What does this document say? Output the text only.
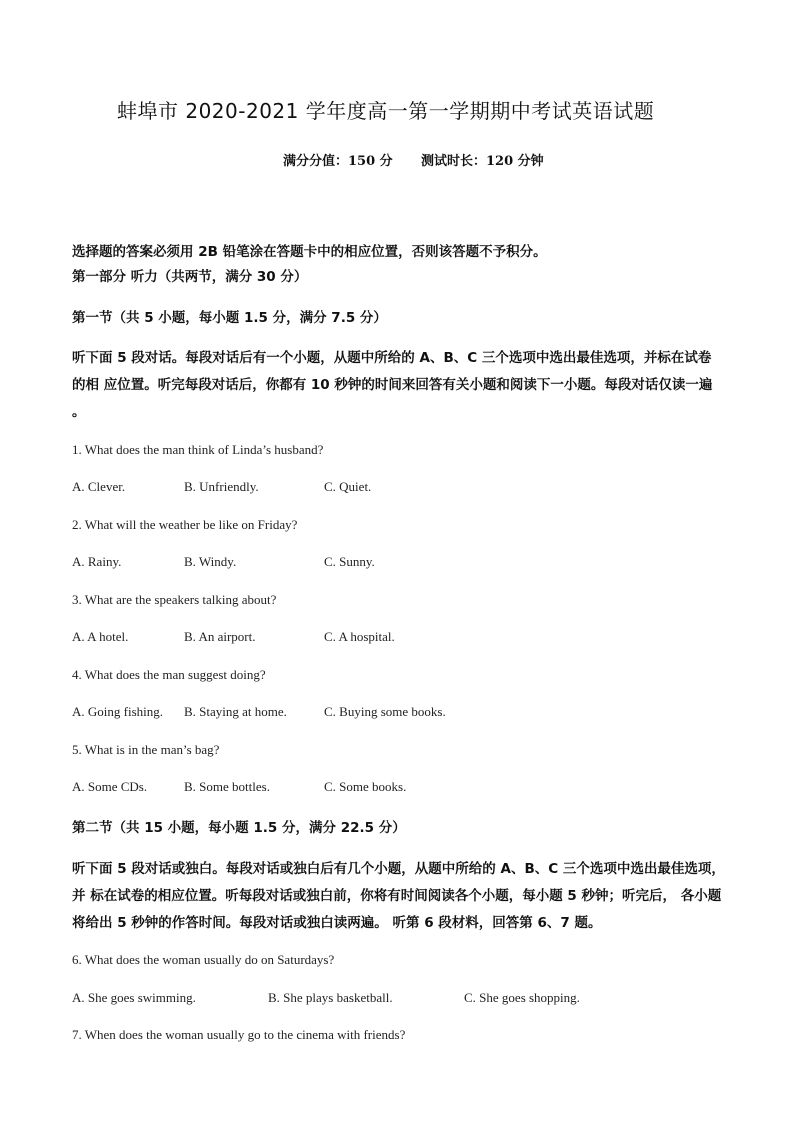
蚌埠市 2020-2021 学年度高一第一学期期中考试英语试题
满分分值：150 分 测试时长：120 分钟
选择题的答案必须用 2B 铅笔涂在答题卡中的相应位置，否则该答题不予积分。
第一部分 听力（共两节，满分 30 分）
第一节（共 5 小题，每小题 1.5 分，满分 7.5 分）
听下面 5 段对话。每段对话后有一个小题，从题中所给的 A、B、C 三个选项中选出最佳选项，并标在试卷
的相 应位置。听完每段对话后，你都有 10 秒钟的时间来回答有关小题和阅读下一小题。每段对话仅读一遍
。
1. What does the man think of Linda’s husband?
A. Clever.	B. Unfriendly.	C. Quiet.
2. What will the weather be like on Friday?
A. Rainy.	B. Windy.	C. Sunny.
3. What are the speakers talking about?
A. A hotel.	B. An airport.	C. A hospital.
4. What does the man suggest doing?
A. Going fishing. B. Staying at home.	C. Buying some books.
5. What is in the man’s bag?
A. Some CDs.	B. Some bottles.	C. Some books.
第二节（共 15 小题，每小题 1.5 分，满分 22.5 分）
听下面 5 段对话或独白。每段对话或独白后有几个小题，从题中所给的 A、B、C 三个选项中选出最佳选项，
并 标在试卷的相应位置。听每段对话或独白前，你将有时间阅读各个小题，每小题 5 秒钟；听完后， 各小题
将给出 5 秒钟的作答时间。每段对话或独白读两遍。 听第 6 段材料，回答第 6、7 题。
6. What does the woman usually do on Saturdays?
A. She goes swimming.	B. She plays basketball.	C. She goes shopping.
7. When does the woman usually go to the cinema with friends?
